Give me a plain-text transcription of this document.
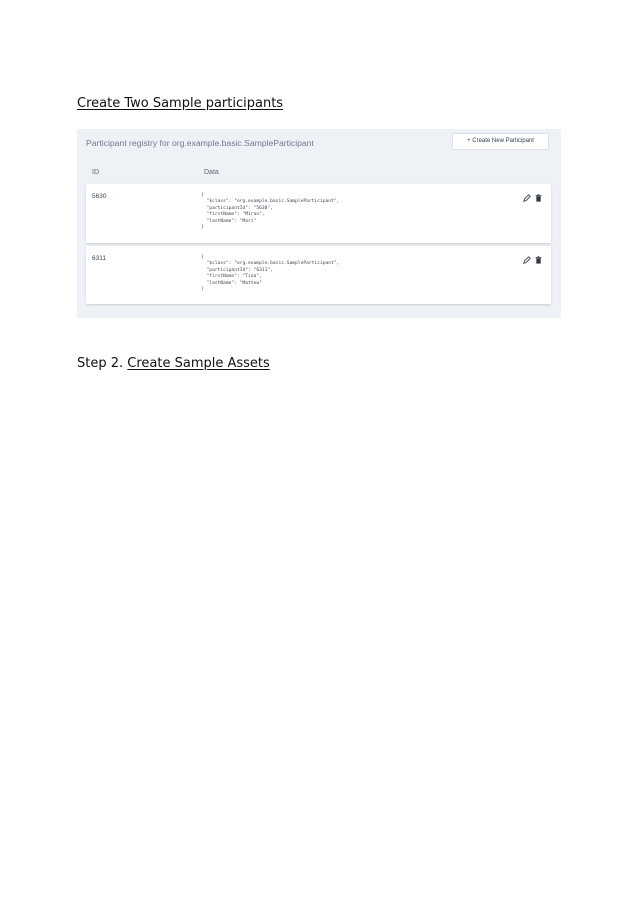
Create Two Sample participants
Participant registry for org.example.basic.SampleParticipant	+ Create New Participant
ID	Data
5630	{
"$class": "org.example.basic.SampleParticipant",
"participantId": "5630",
"firstName": "Miran",
"lastName": "Mari"
}
6311	{
"$class": "org.example.basic.SampleParticipant",
"participantId": "6311",
"firstName": "Tina",
"lastName": "Mattew"
}
Step 2. Create Sample Assets
